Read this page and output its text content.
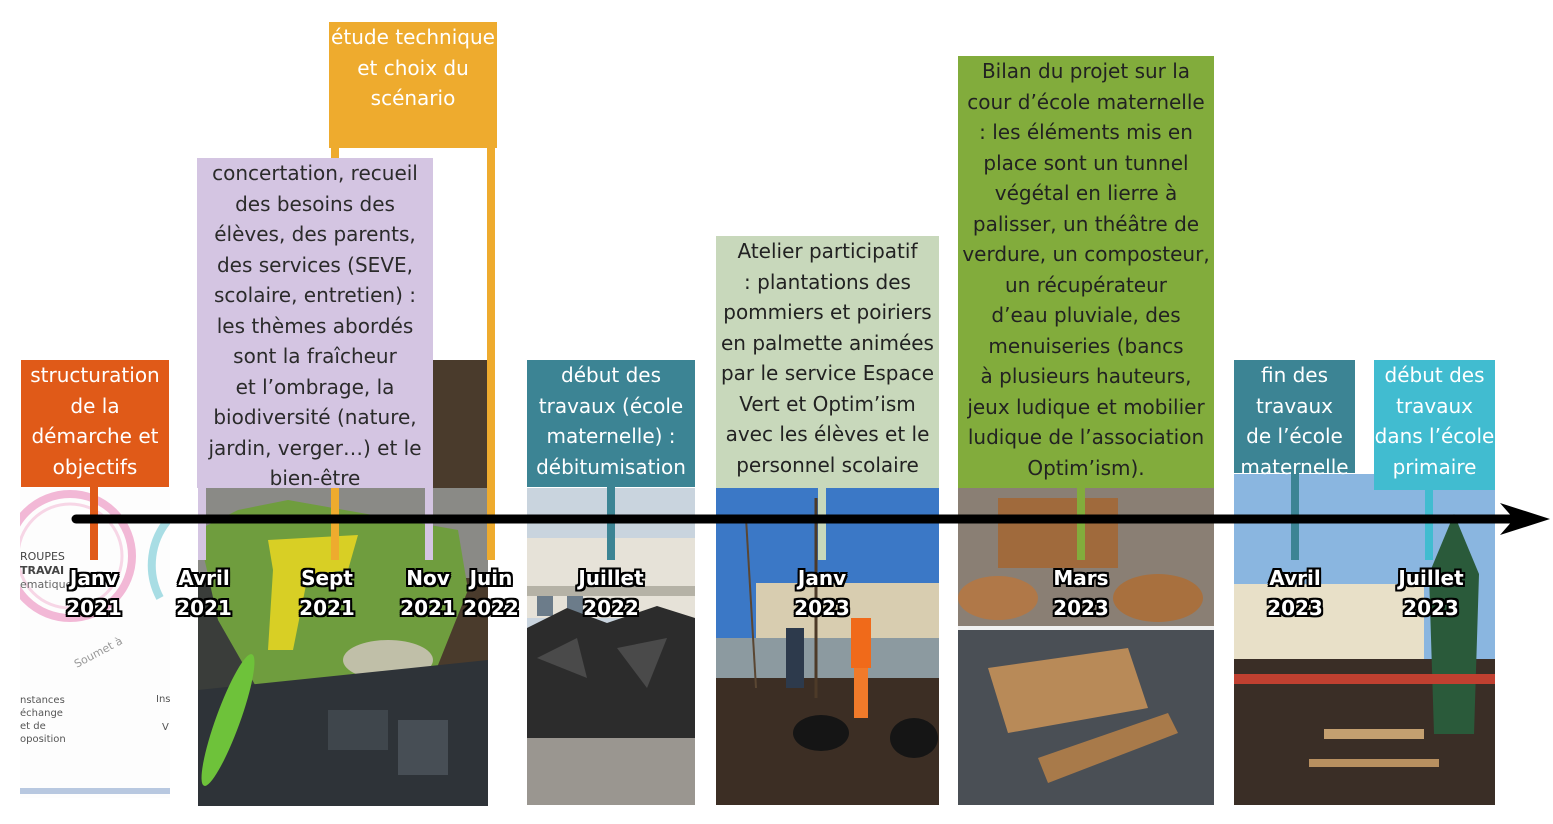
ROUPES
TRAVAI
ematiques
Soumet à
nstances
échange
et de
oposition
Ins
V
structuration
de la
démarche et
objectifs
étude technique
et choix du
scénario
concertation, recueil
des besoins des
élèves, des parents,
des services (SEVE,
scolaire, entretien) :
les thèmes abordés
sont la fraîcheur
et l’ombrage, la
biodiversité (nature,
jardin, verger…) et le
bien-être
début des
travaux (école
maternelle) :
débitumisation
Atelier participatif
: plantations des
pommiers et poiriers
en palmette animées
par le service Espace
Vert et Optim’ism
avec les élèves et le
personnel scolaire
Bilan du projet sur la
cour d’école maternelle
: les éléments mis en
place sont un tunnel
végétal en lierre à
palisser, un théâtre de
verdure, un composteur,
un récupérateur
d’eau pluviale, des
menuiseries (bancs
à plusieurs hauteurs,
jeux ludique et mobilier
ludique de l’association
Optim’ism).
fin des
travaux
de l’école
maternelle
début des
travaux
dans l’école
primaire
Janv
2021
Avril
2021
Sept
2021
Nov
2021
Juin
2022
Juillet
2022
Janv
2023
Mars
2023
Avril
2023
Juillet
2023
